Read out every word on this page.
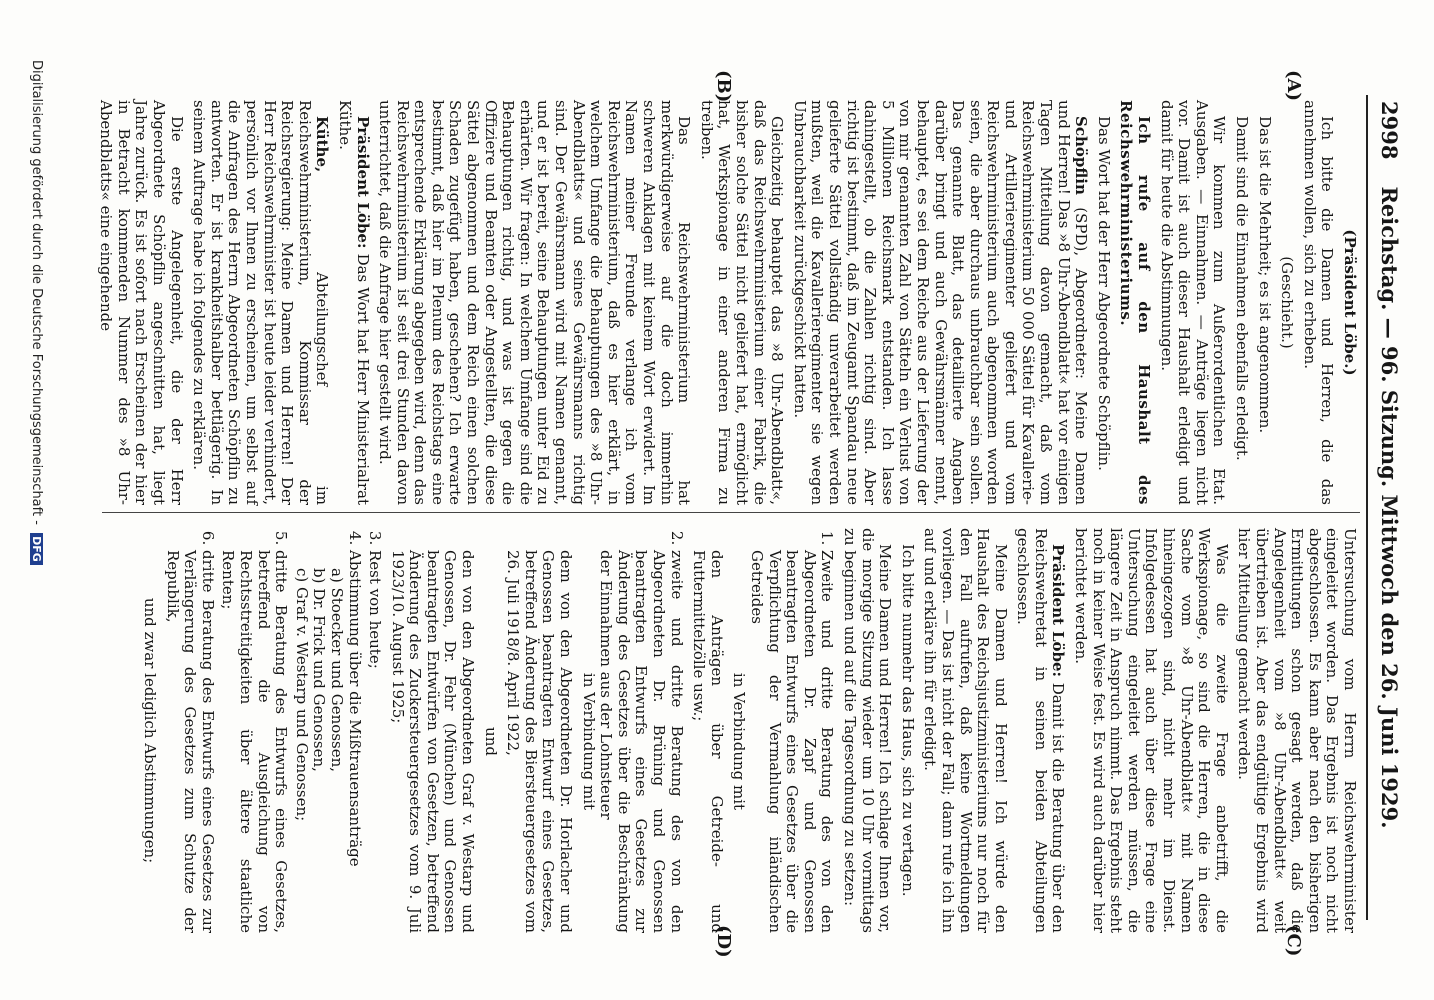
2998
Reichstag. — 96. Sitzung. Mittwoch den 26. Juni 1929.
(A)
(B)
(C)
(D)

(Präsident Löbe.)

Ich bitte die Damen und Herren, die das annehmen wollen, sich zu erheben.

(Geschieht.)

Das ist die Mehrheit; es ist angenommen.

Damit sind die Einnahmen ebenfalls erledigt.

Wir kommen zum Außerordentlichen Etat. Ausgaben. — Einnahmen. — Anträge liegen nicht vor. Damit ist auch dieser Haushalt erledigt und damit für heute die Abstimmungen.

Ich rufe auf den Haushalt des Reichswehrministeriums.

Das Wort hat der Herr Abgeordnete Schöpflin.

Schöpflin (SPD), Abgeordneter: Meine Damen und Herren! Das »8 Uhr-Abendblatt« hat vor einigen Tagen Mitteilung davon gemacht, daß vom Reichswehrministerium 50 000 Sättel für Kavallerie- und Artillerieregimenter geliefert und vom Reichswehrministerium auch abgenommen worden seien, die aber durchaus unbrauchbar sein sollen. Das genannte Blatt, das detaillierte Angaben darüber bringt und auch Gewährsmänner nennt, behauptet, es sei dem Reiche aus der Lieferung der von mir genannten Zahl von Sätteln ein Verlust von 5 Millionen Reichsmark entstanden. Ich lasse dahingestellt, ob die Zahlen richtig sind. Aber richtig ist bestimmt, daß im Zeugamt Spandau neue gelieferte Sättel vollständig unverarbeitet werden mußten, weil die Kavallerieregimenter sie wegen Unbrauchbarkeit zurückgeschickt hatten.

Gleichzeitig behauptet das »8 Uhr-Abendblatt«, daß das Reichswehrministerium einer Fabrik, die bisher solche Sättel nicht geliefert hat, ermöglicht hat, Werkspionage in einer anderen Firma zu treiben.

Das Reichswehrministerium hat merkwürdigerweise auf die doch immerhin schweren Anklagen mit keinem Wort erwidert. Im Namen meiner Freunde verlange ich vom Reichswehrministerium, daß es hier erklärt, in welchem Umfange die Behauptungen des »8 Uhr-Abendblatts« und seines Gewährsmanns richtig sind. Der Gewährsmann wird mit Namen genannt, und er ist bereit, seine Behauptungen unter Eid zu erhärten. Wir fragen: In welchem Umfange sind die Behauptungen richtig, und was ist gegen die Offiziere und Beamten oder Angestellten, die diese Sättel abgenommen und dem Reich einen solchen Schaden zugefügt haben, geschehen? Ich erwarte bestimmt, daß hier im Plenum des Reichstags eine entsprechende Erklärung abgegeben wird, denn das Reichswehrministerium ist seit drei Stunden davon unterrichtet, daß die Anfrage hier gestellt wird.

Präsident Löbe: Das Wort hat Herr Ministerialrat Küthe.

Küthe, Abteilungschef im Reichswehrministerium, Kommissar der Reichsregierung: Meine Damen und Herren! Der Herr Reichswehrminister ist heute leider verhindert, persönlich vor Ihnen zu erscheinen, um selbst auf die Anfragen des Herrn Abgeordneten Schöpflin zu antworten. Er ist krankheitshalber bettlägerig. In seinem Auftrage habe ich folgendes zu erklären.

Die erste Angelegenheit, die der Herr Abgeordnete Schöpflin angeschnitten hat, liegt Jahre zurück. Es ist sofort nach Erscheinen der hier in Betracht kommenden Nummer des »8 Uhr-Abendblatts« eine eingehende

Untersuchung vom Herrn Reichswehrminister eingeleitet worden. Das Ergebnis ist noch nicht abgeschlossen. Es kann aber nach den bisherigen Ermittlungen schon gesagt werden, daß die Angelegenheit vom »8 Uhr-Abendblatt« weit übertrieben ist. Aber das endgültige Ergebnis wird hier Mitteilung gemacht werden.

Was die zweite Frage anbetrifft, die Werkspionage, so sind die Herren, die in diese Sache vom »8 Uhr-Abendblatt« mit Namen hineingezogen sind, nicht mehr im Dienst. Infolgedessen hat auch über diese Frage eine Untersuchung eingeleitet werden müssen, die längere Zeit in Anspruch nimmt. Das Ergebnis steht noch in keiner Weise fest. Es wird auch darüber hier berichtet werden.

Präsident Löbe: Damit ist die Beratung über den Reichswehretat in seinen beiden Abteilungen geschlossen.

Meine Damen und Herren! Ich würde den Haushalt des Reichsjustizministeriums nur noch für den Fall aufrufen, daß keine Wortmeldungen vorliegen. — Das ist nicht der Fall; dann rufe ich ihn auf und erkläre ihn für erledigt.

Ich bitte nunmehr das Haus, sich zu vertagen.

Meine Damen und Herren! Ich schlage Ihnen vor, die morgige Sitzung wieder um 10 Uhr vormittags zu beginnen und auf die Tagesordnung zu setzen:

1. Zweite und dritte Beratung des von den Abgeordneten Dr. Zapf und Genossen beantragten Entwurfs eines Gesetzes über die Verpflichtung der Vermahlung inländischen Getreides

in Verbindung mit

den Anträgen über Getreide- und Futtermittelzölle usw.;

2. zweite und dritte Beratung des von den Abgeordneten Dr. Brüning und Genossen beantragten Entwurfs eines Gesetzes zur Änderung des Gesetzes über die Beschränkung der Einnahmen aus der Lohnsteuer

in Verbindung mit

dem von den Abgeordneten Dr. Horlacher und Genossen beantragten Entwurf eines Gesetzes, betreffend Änderung des Biersteuergesetzes vom 26. Juli 1918/8. April 1922,

und

den von den Abgeordneten Graf v. Westarp und Genossen, Dr. Fehr (München) und Genossen beantragten Entwürfen von Gesetzen, betreffend Änderung des Zuckersteuergesetzes vom 9. Juli 1923/10. August 1925;

3. Rest von heute;
4. Abstimmung über die Mißtrauensanträge
a) Stoecker und Genossen,
b) Dr. Frick und Genossen,
c) Graf v. Westarp und Genossen;
5. dritte Beratung des Entwurfs eines Gesetzes, betreffend die Ausgleichung von Rechtsstreitigkeiten über ältere staatliche Renten;
6. dritte Beratung des Entwurfs eines Gesetzes zur Verlängerung des Gesetzes zum Schutze der Republik,

und zwar lediglich Abstimmungen;

Digitalisierung gefördert durch die Deutsche Forschungsgemeinschaft - DFG
